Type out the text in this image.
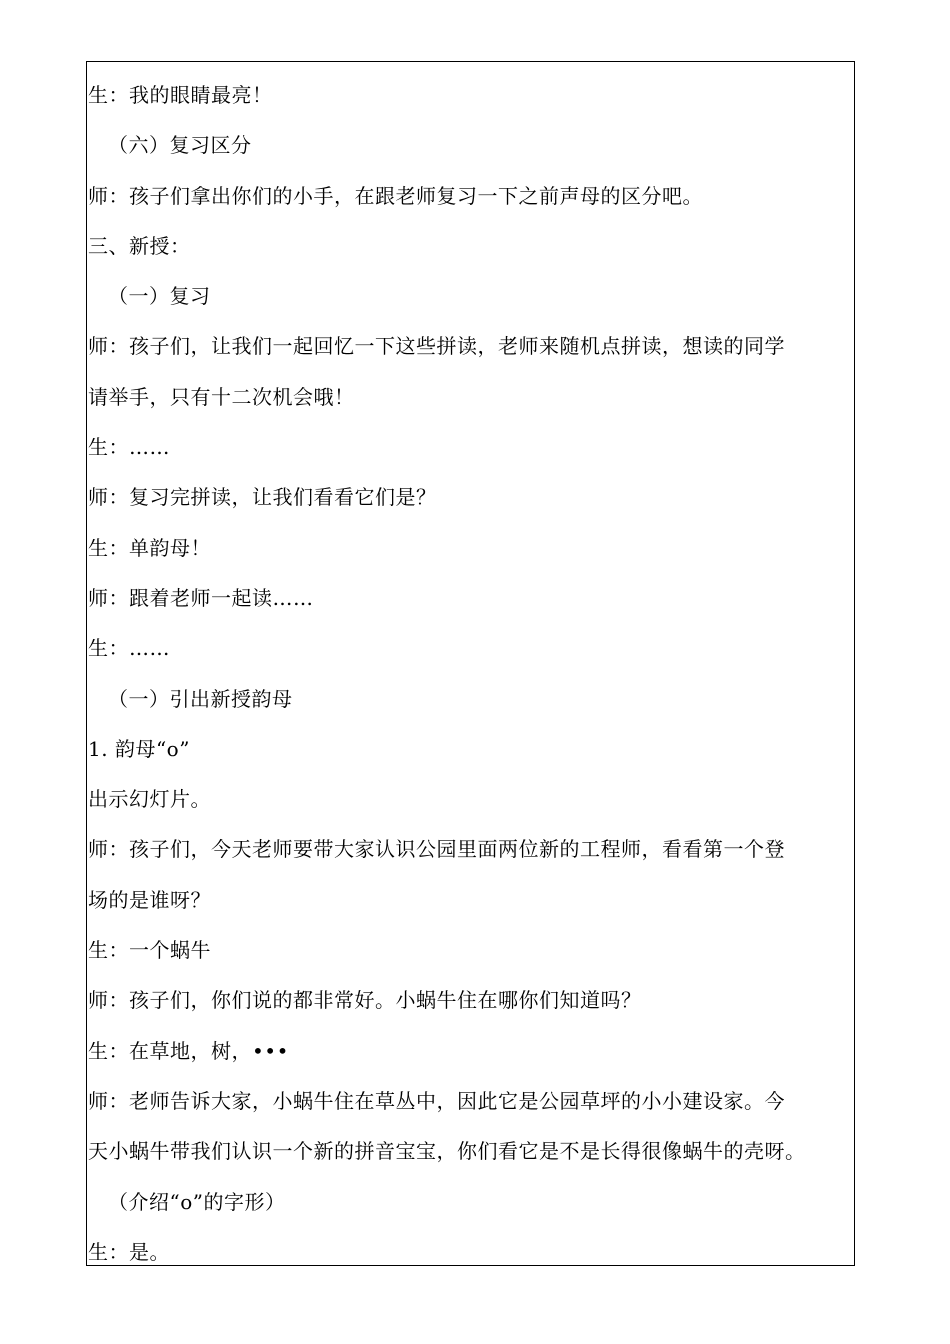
生：我的眼睛最亮！
（六）复习区分
师：孩子们拿出你们的小手，在跟老师复习一下之前声母的区分吧。
三、新授：
（一）复习
师：孩子们，让我们一起回忆一下这些拼读，老师来随机点拼读，想读的同学
请举手，只有十二次机会哦！
生：……
师：复习完拼读，让我们看看它们是？
生：单韵母！
师：跟着老师一起读……
生：……
（一）引出新授韵母
1. 韵母“o”
出示幻灯片。
师：孩子们，今天老师要带大家认识公园里面两位新的工程师，看看第一个登
场的是谁呀？
生：一个蜗牛
师：孩子们，你们说的都非常好。小蜗牛住在哪你们知道吗？
生：在草地，树，•••
师：老师告诉大家，小蜗牛住在草丛中，因此它是公园草坪的小小建设家。今
天小蜗牛带我们认识一个新的拼音宝宝，你们看它是不是长得很像蜗牛的壳呀。
（介绍“o”的字形）
生：是。
